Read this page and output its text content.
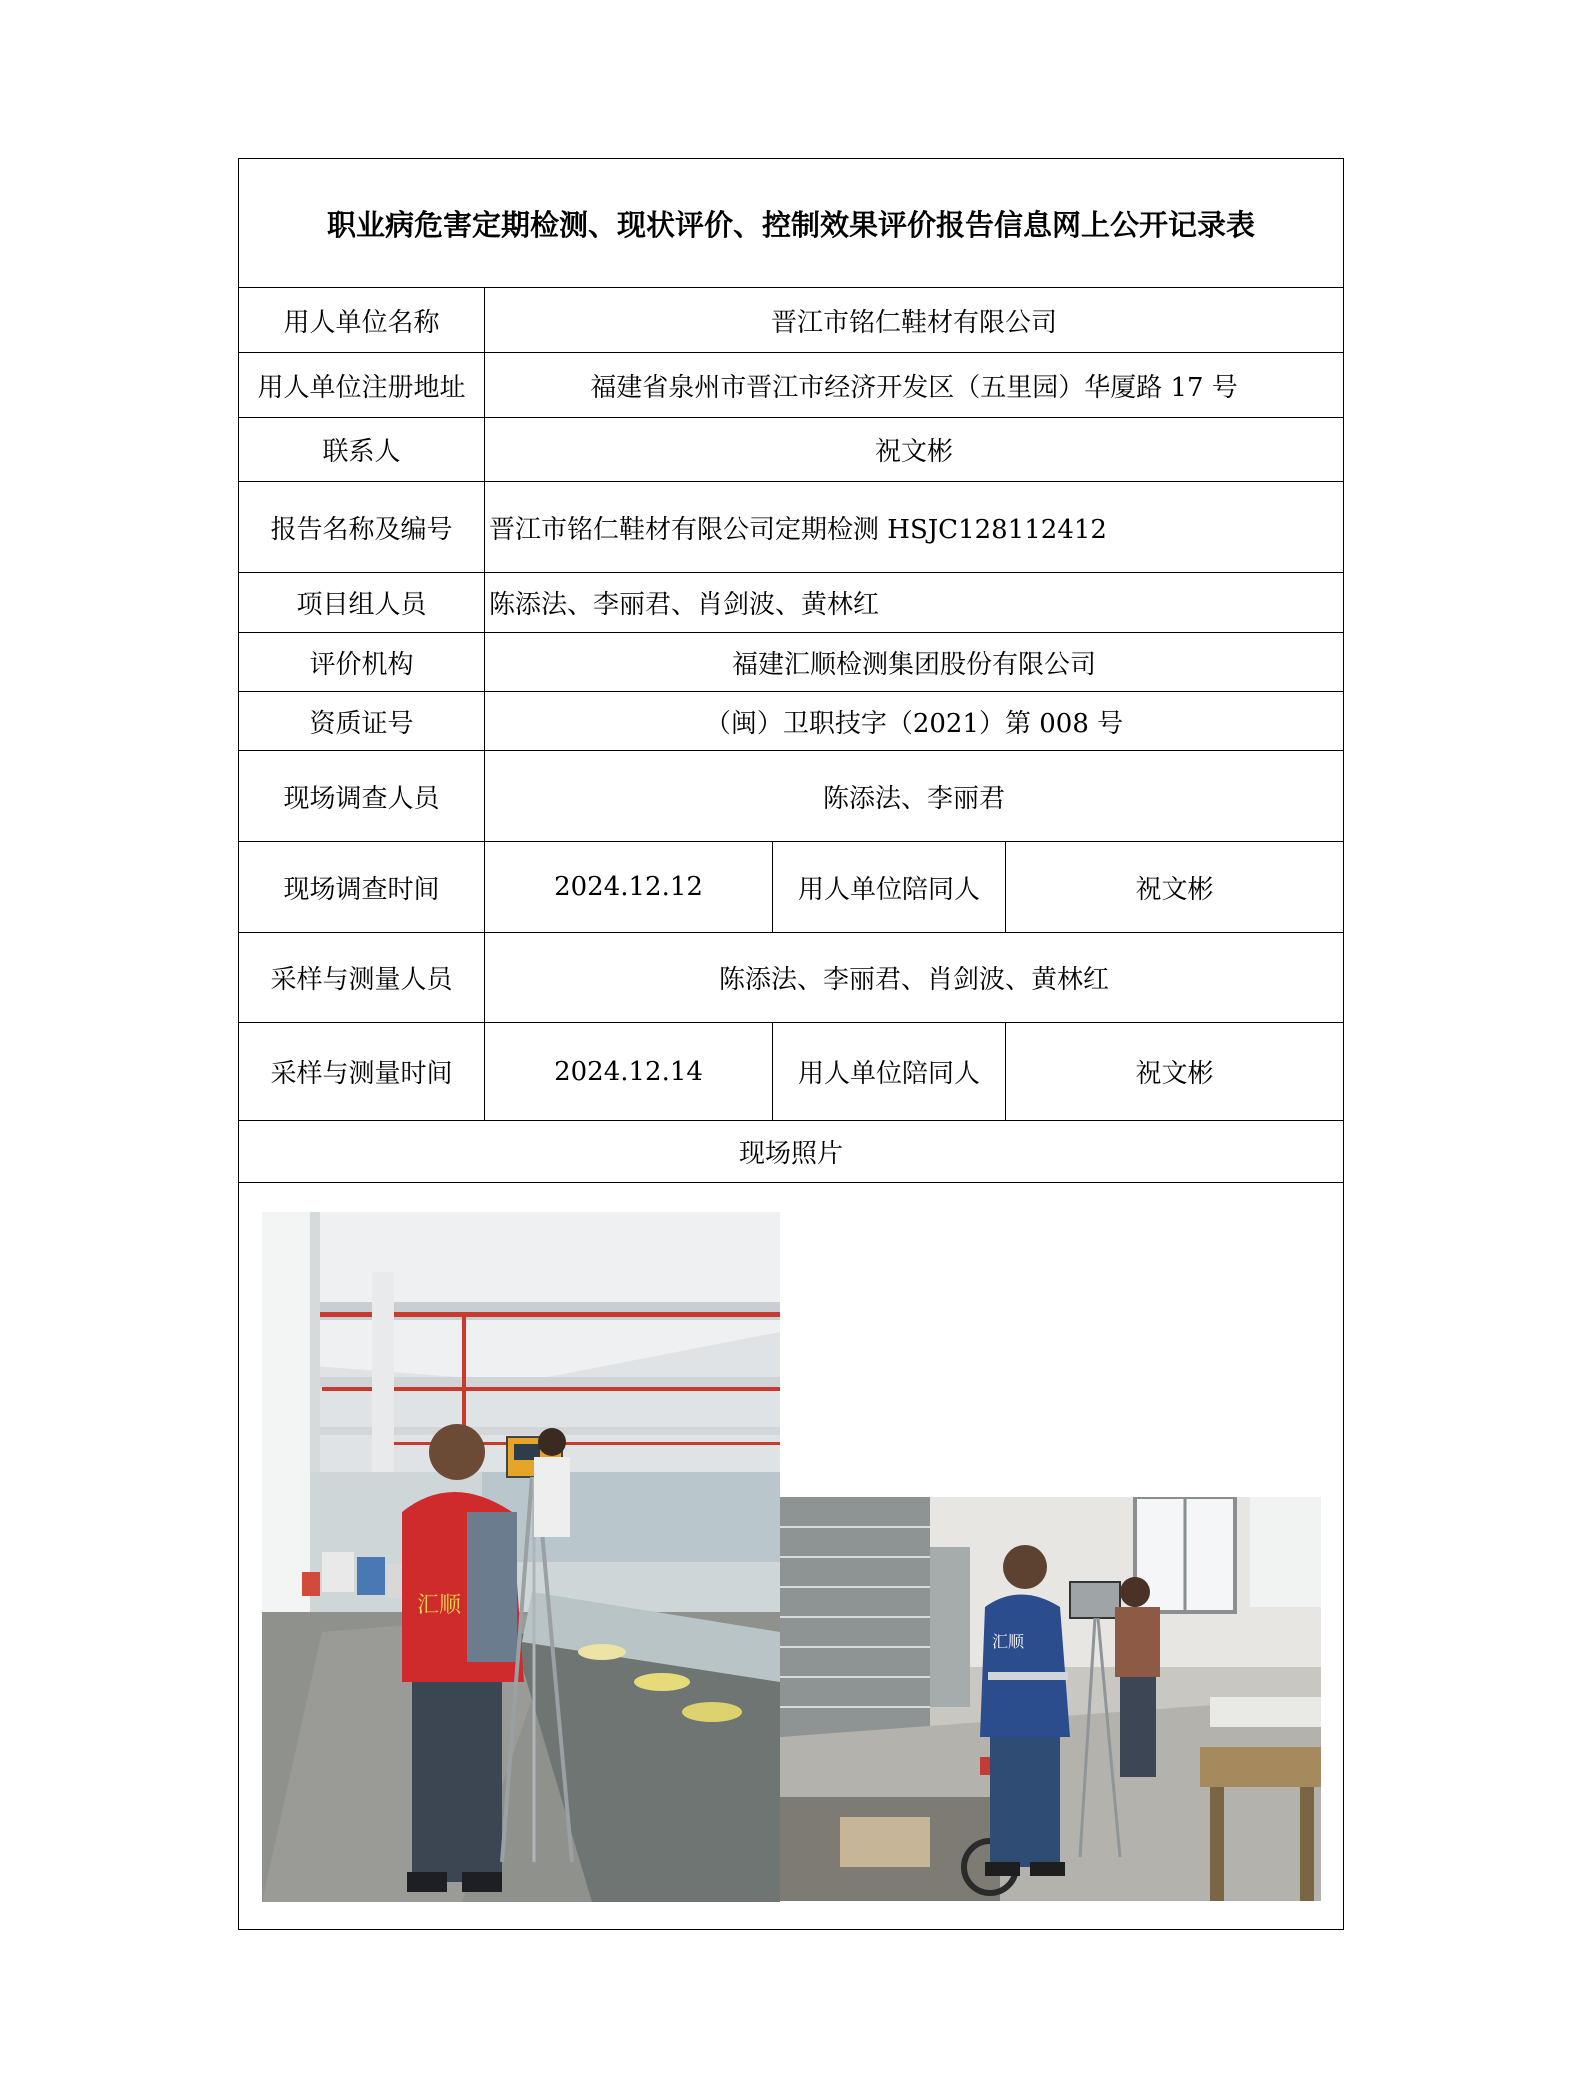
职业病危害定期检测、现状评价、控制效果评价报告信息网上公开记录表
用人单位名称	晋江市铭仁鞋材有限公司
用人单位注册地址	福建省泉州市晋江市经济开发区（五里园）华厦路 17 号
联系人	祝文彬
报告名称及编号	晋江市铭仁鞋材有限公司定期检测 HSJC128112412
项目组人员	陈添法、李丽君、肖剑波、黄林红
评价机构	福建汇顺检测集团股份有限公司
资质证号	（闽）卫职技字（2021）第 008 号
现场调查人员	陈添法、李丽君
现场调查时间	2024.12.12	用人单位陪同人	祝文彬
采样与测量人员	陈添法、李丽君、肖剑波、黄林红
采样与测量时间	2024.12.14	用人单位陪同人	祝文彬
现场照片
汇顺
汇顺
